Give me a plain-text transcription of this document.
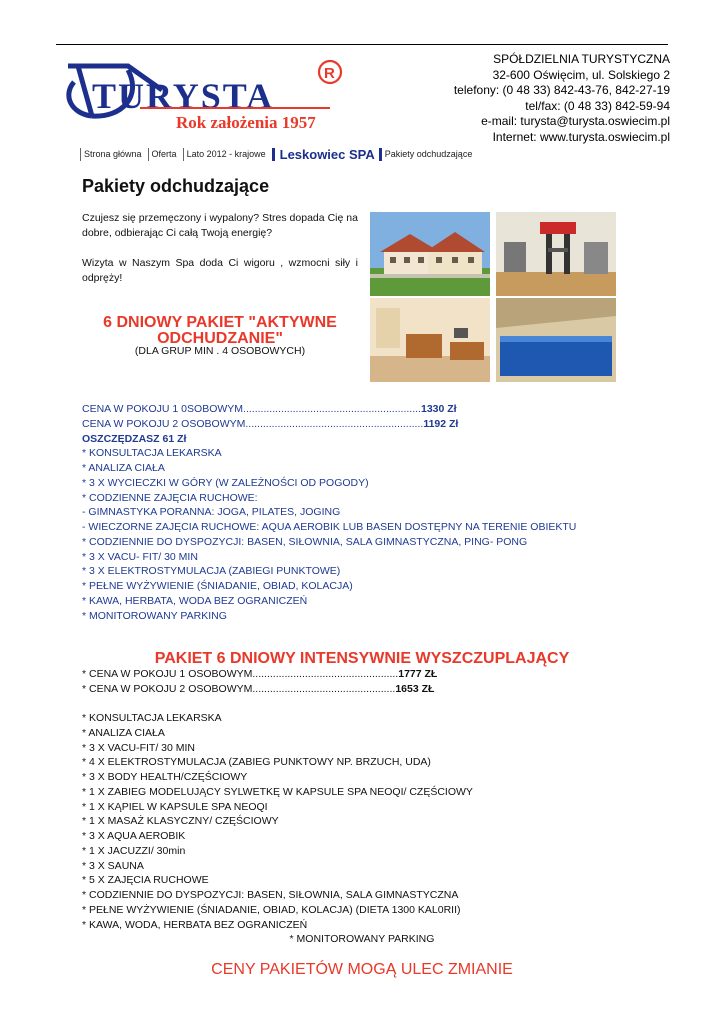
TURYSTA
R
Rok założenia 1957
SPÓŁDZIELNIA TURYSTYCZNA
32-600 Oświęcim, ul. Solskiego 2
telefony: (0 48 33) 842-43-76, 842-27-19
tel/fax: (0 48 33) 842-59-94
e-mail: turysta@turysta.oswiecim.pl
Internet: www.turysta.oswiecim.pl
Strona główna	Oferta	Lato 2012 - krajowe	Leskowiec SPA	Pakiety odchudzające
Pakiety odchudzające

Czujesz się przemęczony i wypalony? Stres dopada Cię na dobre, odbierając Ci całą Twoją energię?

Wizyta w Naszym Spa doda Ci wigoru , wzmocni siły i odpręży!

6 DNIOWY PAKIET "AKTYWNE ODCHUDZANIE"
(DLA GRUP MIN . 4 OSOBOWYCH)
CENA W POKOJU 1 0SOBOWYM.............................................................1330 Zł
CENA W POKOJU 2 OSOBOWYM.............................................................1192 Zł
OSZCZĘDZASZ 61 Zł
* KONSULTACJA LEKARSKA
* ANALIZA CIAŁA
* 3 X WYCIECZKI W GÓRY (W ZALEŻNOŚCI OD POGODY)
* CODZIENNE ZAJĘCIA RUCHOWE:
- GIMNASTYKA PORANNA: JOGA, PILATES, JOGING
- WIECZORNE ZAJĘCIA RUCHOWE: AQUA AEROBIK LUB BASEN DOSTĘPNY NA TERENIE OBIEKTU
* CODZIENNIE DO DYSPOZYCJI: BASEN, SIŁOWNIA, SALA GIMNASTYCZNA, PING- PONG
* 3 X VACU- FIT/ 30 MIN
* 3 X ELEKTROSTYMULACJA (ZABIEGI PUNKTOWE)
* PEŁNE WYŻYWIENIE (ŚNIADANIE, OBIAD, KOLACJA)
* KAWA, HERBATA, WODA BEZ OGRANICZEŃ
* MONITOROWANY PARKING
PAKIET 6 DNIOWY INTENSYWNIE WYSZCZUPLAJĄCY
* CENA W POKOJU 1 OSOBOWYM..................................................1777 ZŁ
* CENA W POKOJU 2 OSOBOWYM.................................................1653 ZŁ
* KONSULTACJA LEKARSKA
* ANALIZA CIAŁA
* 3 X VACU-FIT/ 30 MIN
* 4 X ELEKTROSTYMULACJA (ZABIEG PUNKTOWY NP. BRZUCH, UDA)
* 3 X BODY HEALTH/CZĘŚCIOWY
* 1 X ZABIEG MODELUJĄCY SYLWETKĘ W KAPSULE SPA NEOQI/ CZĘŚCIOWY
* 1 X KĄPIEL W KAPSULE SPA NEOQI
* 1 X MASAŻ KLASYCZNY/ CZĘŚCIOWY
* 3 X AQUA AEROBIK
* 1 X JACUZZI/ 30min
* 3 X SAUNA
* 5 X ZAJĘCIA RUCHOWE
* CODZIENNIE DO DYSPOZYCJI: BASEN, SIŁOWNIA, SALA GIMNASTYCZNA
* PEŁNE WYŻYWIENIE (ŚNIADANIE, OBIAD, KOLACJA) (DIETA 1300 KAL0RII)
* KAWA, WODA, HERBATA BEZ OGRANICZEŃ
* MONITOROWANY PARKING
CENY PAKIETÓW MOGĄ ULEC ZMIANIE
